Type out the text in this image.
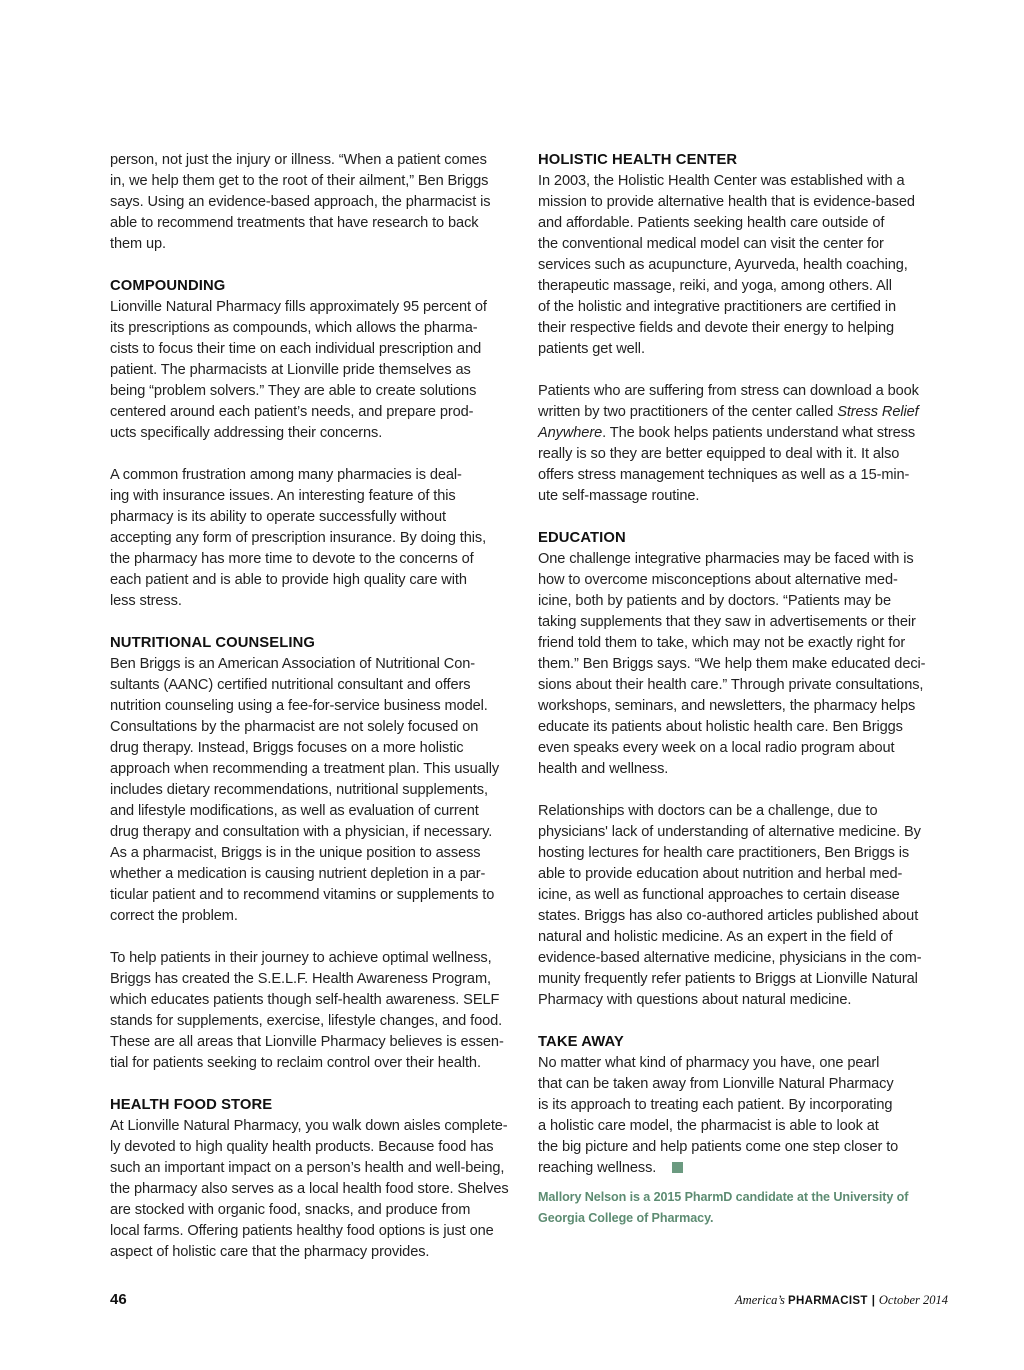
person, not just the injury or illness. “When a patient comes
in, we help them get to the root of their ailment,” Ben Briggs
says. Using an evidence-based approach, the pharmacist is
able to recommend treatments that have research to back
them up.

COMPOUNDING

Lionville Natural Pharmacy fills approximately 95 percent of
its prescriptions as compounds, which allows the pharma-
cists to focus their time on each individual prescription and
patient. The pharmacists at Lionville pride themselves as
being “problem solvers.” They are able to create solutions
centered around each patient’s needs, and prepare prod-
ucts specifically addressing their concerns.

A common frustration among many pharmacies is deal-
ing with insurance issues. An interesting feature of this
pharmacy is its ability to operate successfully without
accepting any form of prescription insurance. By doing this,
the pharmacy has more time to devote to the concerns of
each patient and is able to provide high quality care with
less stress.

NUTRITIONAL COUNSELING

Ben Briggs is an American Association of Nutritional Con-
sultants (AANC) certified nutritional consultant and offers
nutrition counseling using a fee-for-service business model.
Consultations by the pharmacist are not solely focused on
drug therapy. Instead, Briggs focuses on a more holistic
approach when recommending a treatment plan. This usually
includes dietary recommendations, nutritional supplements,
and lifestyle modifications, as well as evaluation of current
drug therapy and consultation with a physician, if necessary.
As a pharmacist, Briggs is in the unique position to assess
whether a medication is causing nutrient depletion in a par-
ticular patient and to recommend vitamins or supplements to
correct the problem.

To help patients in their journey to achieve optimal wellness,
Briggs has created the S.E.L.F. Health Awareness Program,
which educates patients though self-health awareness. SELF
stands for supplements, exercise, lifestyle changes, and food.
These are all areas that Lionville Pharmacy believes is essen-
tial for patients seeking to reclaim control over their health.

HEALTH FOOD STORE

At Lionville Natural Pharmacy, you walk down aisles complete-
ly devoted to high quality health products. Because food has
such an important impact on a person’s health and well-being,
the pharmacy also serves as a local health food store. Shelves
are stocked with organic food, snacks, and produce from
local farms. Offering patients healthy food options is just one
aspect of holistic care that the pharmacy provides.

HOLISTIC HEALTH CENTER

In 2003, the Holistic Health Center was established with a
mission to provide alternative health that is evidence-based
and affordable. Patients seeking health care outside of
the conventional medical model can visit the center for
services such as acupuncture, Ayurveda, health coaching,
therapeutic massage, reiki, and yoga, among others. All
of the holistic and integrative practitioners are certified in
their respective fields and devote their energy to helping
patients get well.

Patients who are suffering from stress can download a book
written by two practitioners of the center called Stress Relief
Anywhere. The book helps patients understand what stress
really is so they are better equipped to deal with it. It also
offers stress management techniques as well as a 15-min-
ute self-massage routine.

EDUCATION

One challenge integrative pharmacies may be faced with is
how to overcome misconceptions about alternative med-
icine, both by patients and by doctors. “Patients may be
taking supplements that they saw in advertisements or their
friend told them to take, which may not be exactly right for
them.” Ben Briggs says. “We help them make educated deci-
sions about their health care.” Through private consultations,
workshops, seminars, and newsletters, the pharmacy helps
educate its patients about holistic health care. Ben Briggs
even speaks every week on a local radio program about
health and wellness.

Relationships with doctors can be a challenge, due to
physicians' lack of understanding of alternative medicine. By
hosting lectures for health care practitioners, Ben Briggs is
able to provide education about nutrition and herbal med-
icine, as well as functional approaches to certain disease
states. Briggs has also co-authored articles published about
natural and holistic medicine. As an expert in the field of
evidence-based alternative medicine, physicians in the com-
munity frequently refer patients to Briggs at Lionville Natural
Pharmacy with questions about natural medicine.

TAKE AWAY

No matter what kind of pharmacy you have, one pearl
that can be taken away from Lionville Natural Pharmacy
is its approach to treating each patient. By incorporating
a holistic care model, the pharmacist is able to look at
the big picture and help patients come one step closer to
reaching wellness.

Mallory Nelson is a 2015 PharmD candidate at the University of
Georgia College of Pharmacy.
46	America’s PHARMACIST | October 2014
